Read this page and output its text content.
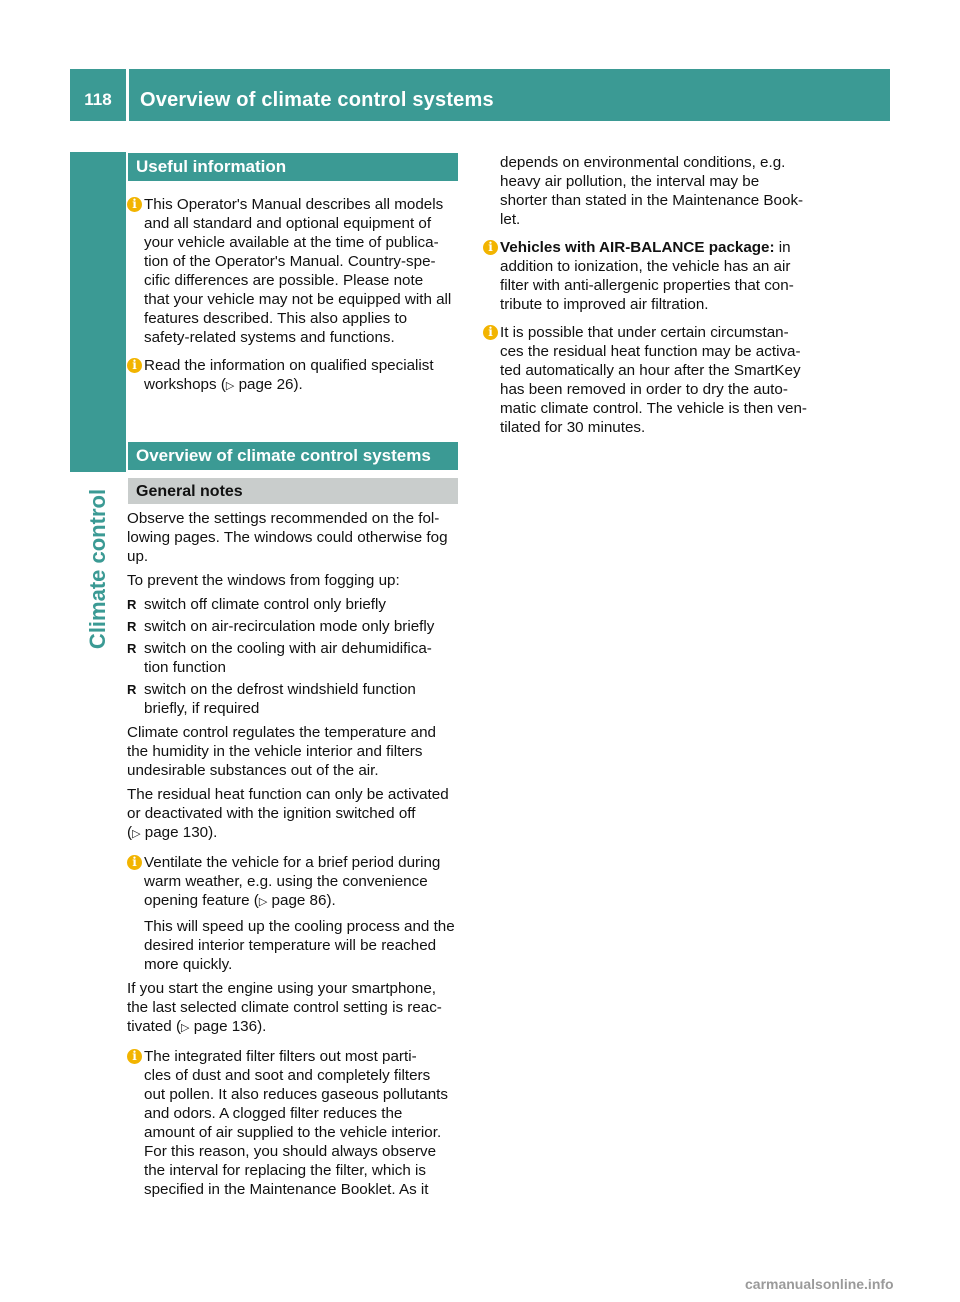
118	Overview of climate control systems
Climate control
Useful information
i This Operator's Manual describes all models
and all standard and optional equipment of
your vehicle available at the time of publica-
tion of the Operator's Manual. Country-spe-
cific differences are possible. Please note
that your vehicle may not be equipped with all
features described. This also applies to
safety-related systems and functions.
i Read the information on qualified specialist
workshops (▷ page 26).
Overview of climate control systems
General notes
Observe the settings recommended on the fol-
lowing pages. The windows could otherwise fog
up.
To prevent the windows from fogging up:
R switch off climate control only briefly
R switch on air-recirculation mode only briefly
R switch on the cooling with air dehumidifica-
tion function
R switch on the defrost windshield function
briefly, if required
Climate control regulates the temperature and
the humidity in the vehicle interior and filters
undesirable substances out of the air.
The residual heat function can only be activated
or deactivated with the ignition switched off
(▷ page 130).
i Ventilate the vehicle for a brief period during
warm weather, e.g. using the convenience
opening feature (▷ page 86).
This will speed up the cooling process and the
desired interior temperature will be reached
more quickly.
If you start the engine using your smartphone,
the last selected climate control setting is reac-
tivated (▷ page 136).
i The integrated filter filters out most parti-
cles of dust and soot and completely filters
out pollen. It also reduces gaseous pollutants
and odors. A clogged filter reduces the
amount of air supplied to the vehicle interior.
For this reason, you should always observe
the interval for replacing the filter, which is
specified in the Maintenance Booklet. As it
depends on environmental conditions, e.g.
heavy air pollution, the interval may be
shorter than stated in the Maintenance Book-
let.
i Vehicles with AIR-BALANCE package: in
addition to ionization, the vehicle has an air
filter with anti-allergenic properties that con-
tribute to improved air filtration.
i It is possible that under certain circumstan-
ces the residual heat function may be activa-
ted automatically an hour after the SmartKey
has been removed in order to dry the auto-
matic climate control. The vehicle is then ven-
tilated for 30 minutes.
carmanualsonline.info
